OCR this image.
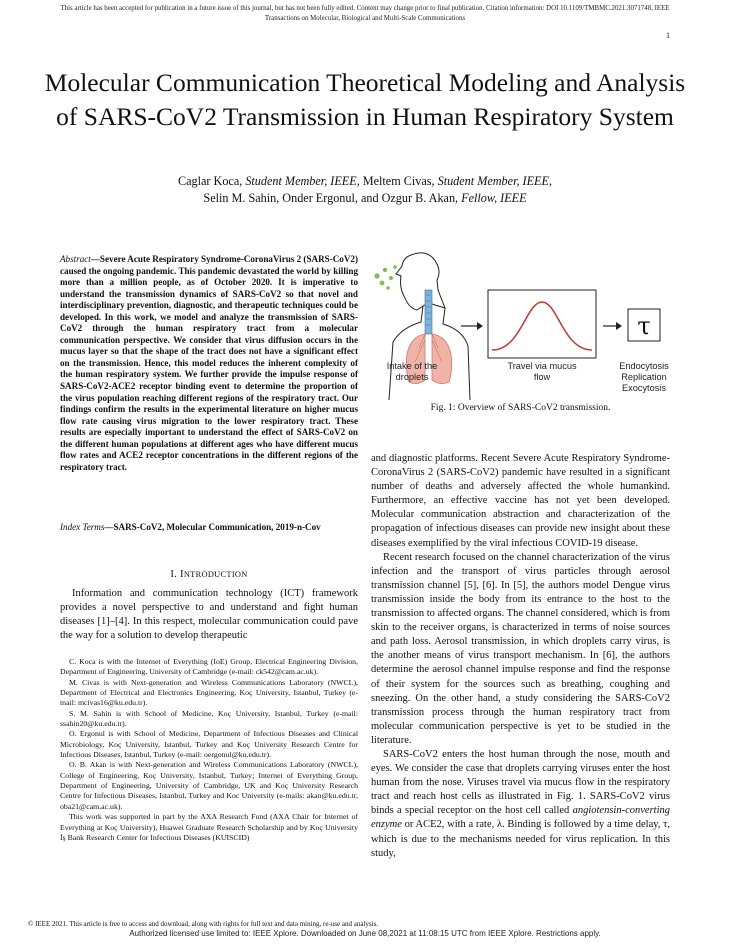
This article has been accepted for publication in a future issue of this journal, but has not been fully edited. Content may change prior to final publication. Citation information: DOI 10.1109/TMBMC.2021.3071748, IEEE
Transactions on Molecular, Biological and Multi-Scale Communications
1
Molecular Communication Theoretical Modeling and Analysis of SARS-CoV2 Transmission in Human Respiratory System
Caglar Koca, Student Member, IEEE, Meltem Civas, Student Member, IEEE,
Selin M. Sahin, Onder Ergonul, and Ozgur B. Akan, Fellow, IEEE
Abstract—Severe Acute Respiratory Syndrome-CoronaVirus 2 (SARS-CoV2) caused the ongoing pandemic. This pandemic devastated the world by killing more than a million people, as of October 2020. It is imperative to understand the transmission dynamics of SARS-CoV2 so that novel and interdisciplinary prevention, diagnostic, and therapeutic techniques could be developed. In this work, we model and analyze the transmission of SARS-CoV2 through the human respiratory tract from a molecular communication perspective. We consider that virus diffusion occurs in the mucus layer so that the shape of the tract does not have a significant effect on the transmission. Hence, this model reduces the inherent complexity of the human respiratory system. We further provide the impulse response of SARS-CoV2-ACE2 receptor binding event to determine the proportion of the virus population reaching different regions of the respiratory tract. Our findings confirm the results in the experimental literature on higher mucus flow rate causing virus migration to the lower respiratory tract. These results are especially important to understand the effect of SARS-CoV2 on the different human populations at different ages who have different mucus flow rates and ACE2 receptor concentrations in the different regions of the respiratory tract.
Index Terms—SARS-CoV2, Molecular Communication, 2019-n-Cov
I. INTRODUCTION

Information and communication technology (ICT) framework provides a novel perspective to and understand and fight human diseases [1]–[4]. In this respect, molecular communication could pave the way for a solution to develop therapeutic

C. Koca is with the Internet of Everything (IoE) Group, Electrical Engineering Division, Department of Engineering, University of Cambridge (e-mail: ck542@cam.ac.uk).

M. Civas is with Next-generation and Wireless Communications Laboratory (NWCL), Department of Electrical and Electronics Engineering, Koç University, Istanbul, Turkey (e-mail: mcivas16@ku.edu.tr).

S. M. Sahin is with School of Medicine, Koç University, Istanbul, Turkey (e-mail: ssahin20@ku.edu.tr).

O. Ergonul is with School of Medicine, Department of Infectious Diseases and Clinical Microbiology, Koç University, Istanbul, Turkey and Koç University Research Centre for Infectious Diseases, Istanbul, Turkey (e-mail: oergonul@ku.edu.tr).

O. B. Akan is with Next-generation and Wireless Communications Laboratory (NWCL), College of Engineering, Koç University, Istanbul, Turkey; Internet of Everything Group, Department of Engineering, University of Cambridge, UK and Koç University Research Centre for Infectious Diseases, Istanbul, Turkey and Koc University (e-mails: akan@ku.edu.tr, oba21@cam.ac.uk).

This work was supported in part by the AXA Research Fund (AXA Chair for Internet of Everything at Koç University), Huawei Graduate Research Scholarship and by Koç University İş Bank Research Center for Infectious Diseases (KUISCID)

τ
Intake of the
droplets
Travel via mucus
flow
Endocytosis
Replication
Exocytosis
Fig. 1: Overview of SARS-CoV2 transmission.

and diagnostic platforms. Recent Severe Acute Respiratory Syndrome-CoronaVirus 2 (SARS-CoV2) pandemic have resulted in a significant number of deaths and adversely affected the whole humankind. Furthermore, an effective vaccine has not yet been developed. Molecular communication abstraction and characterization of the propagation of infectious diseases can provide new insight about these diseases exemplified by the viral infectious COVID-19 disease.

Recent research focused on the channel characterization of the virus infection and the transport of virus particles through aerosol transmission channel [5], [6]. In [5], the authors model Dengue virus transmission inside the body from its entrance to the host to the transmission to affected organs. The channel considered, which is from skin to the receiver organs, is characterized in terms of noise sources and path loss. Aerosol transmission, in which droplets carry virus, is the another means of virus transport mechanism. In [6], the authors determine the aerosol channel impulse response and find the response of their system for the sources such as breathing, coughing and sneezing. On the other hand, a study considering the SARS-CoV2 transmission process through the human respiratory tract from molecular communication perspective is yet to be studied in the literature.

SARS-CoV2 enters the host human through the nose, mouth and eyes. We consider the case that droplets carrying viruses enter the host human from the nose. Viruses travel via mucus flow in the respiratory tract and reach host cells as illustrated in Fig. 1. SARS-CoV2 virus binds a special receptor on the host cell called angiotensin-converting enzyme or ACE2, with a rate, λ. Binding is followed by a time delay, τ, which is due to the mechanisms needed for virus replication. In this study,

© IEEE 2021. This article is free to access and download, along with rights for full text and data mining, re-use and analysis.
Authorized licensed use limited to: IEEE Xplore. Downloaded on June 08,2021 at 11:08:15 UTC from IEEE Xplore. Restrictions apply.
